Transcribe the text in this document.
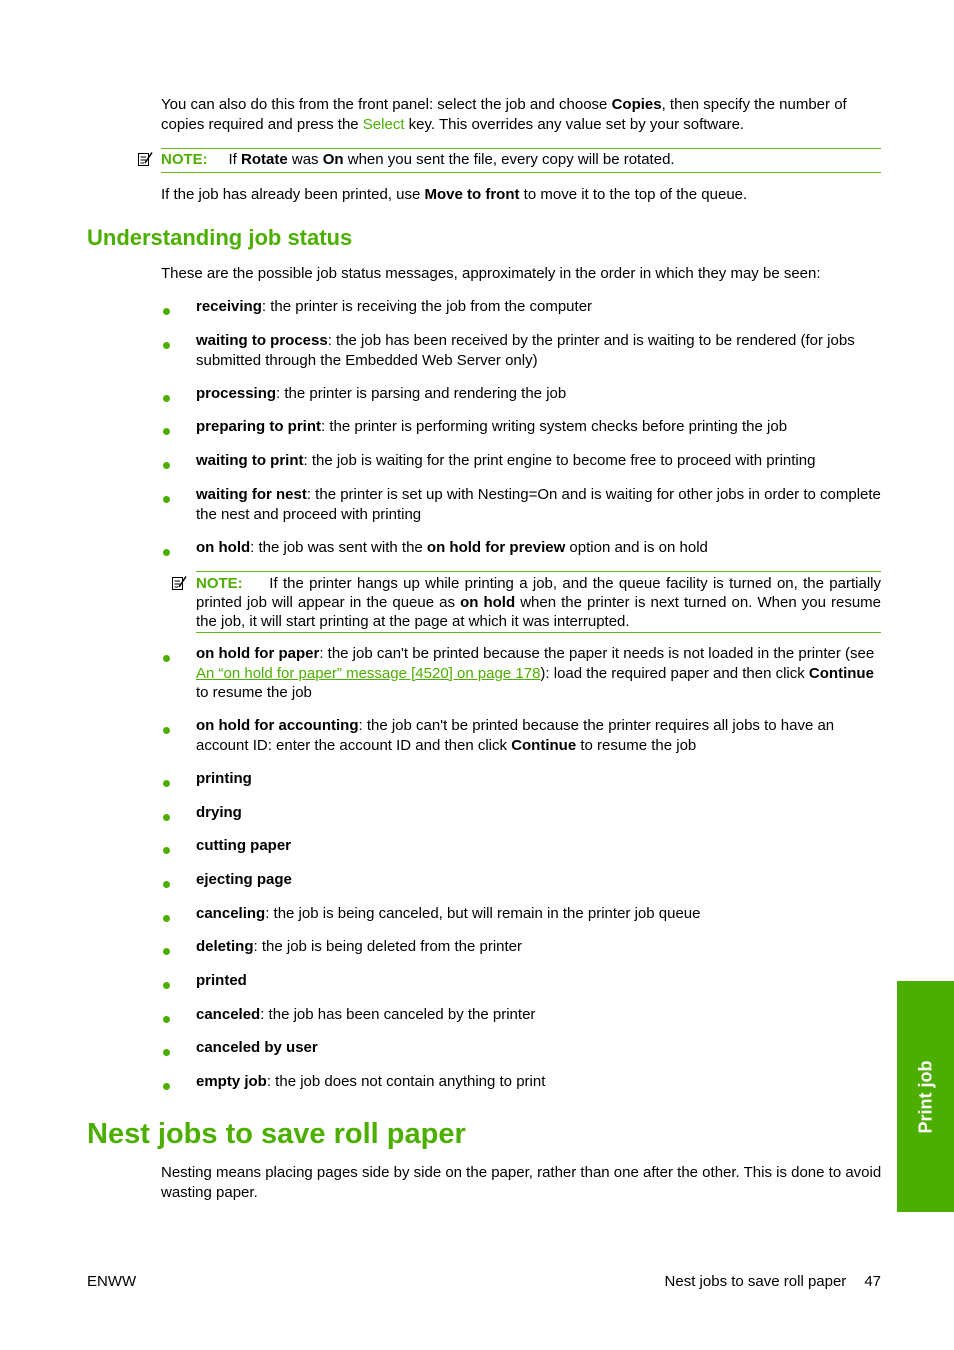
You can also do this from the front panel: select the job and choose Copies, then specify the number of copies required and press the Select key. This overrides any value set by your software.

NOTE: If Rotate was On when you sent the file, every copy will be rotated.

If the job has already been printed, use Move to front to move it to the top of the queue.

Understanding job status

These are the possible job status messages, approximately in the order in which they may be seen:

receiving: the printer is receiving the job from the computer

waiting to process: the job has been received by the printer and is waiting to be rendered (for jobs submitted through the Embedded Web Server only)

processing: the printer is parsing and rendering the job

preparing to print: the printer is performing writing system checks before printing the job

waiting to print: the job is waiting for the print engine to become free to proceed with printing

waiting for nest: the printer is set up with Nesting=On and is waiting for other jobs in order to complete the nest and proceed with printing

on hold: the job was sent with the on hold for preview option and is on hold

NOTE: If the printer hangs up while printing a job, and the queue facility is turned on, the partially printed job will appear in the queue as on hold when the printer is next turned on. When you resume the job, it will start printing at the page at which it was interrupted.

on hold for paper: the job can't be printed because the paper it needs is not loaded in the printer (see An “on hold for paper” message [4520] on page 178): load the required paper and then click Continue to resume the job

on hold for accounting: the job can't be printed because the printer requires all jobs to have an account ID: enter the account ID and then click Continue to resume the job

printing

drying

cutting paper

ejecting page

canceling: the job is being canceled, but will remain in the printer job queue

deleting: the job is being deleted from the printer

printed

canceled: the job has been canceled by the printer

canceled by user

empty job: the job does not contain anything to print

Nest jobs to save roll paper

Nesting means placing pages side by side on the paper, rather than one after the other. This is done to avoid wasting paper.

Print job
ENWW	Nest jobs to save roll paper 47
